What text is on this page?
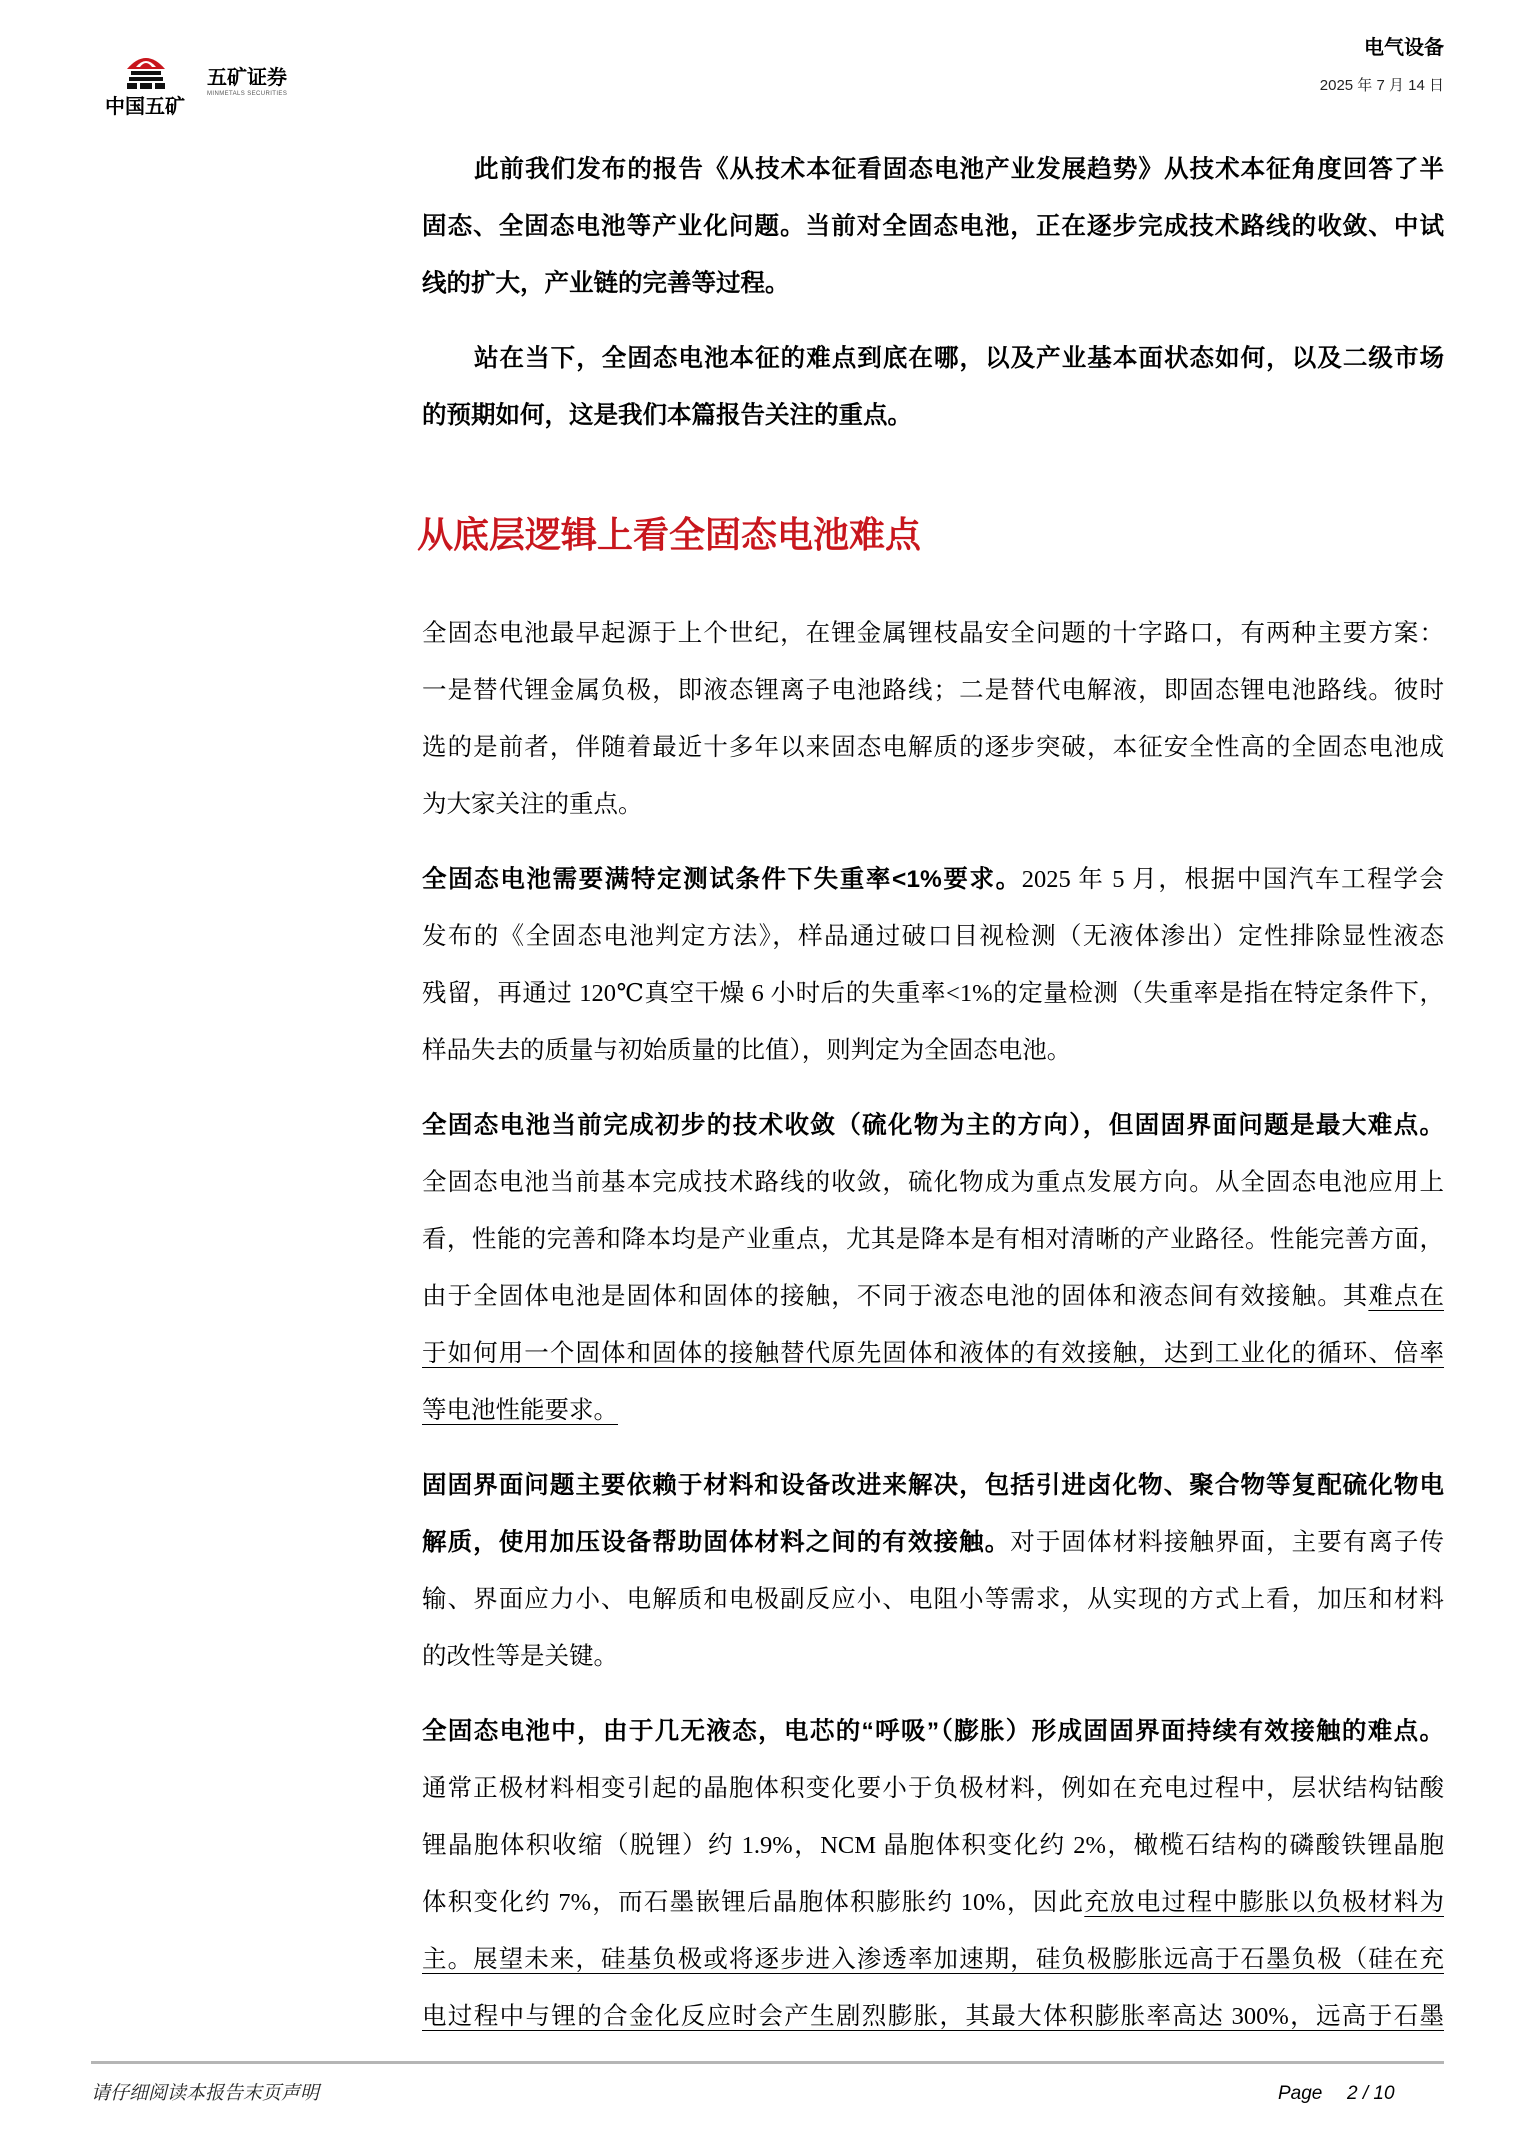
中国五矿
五矿证券
MINMETALS SECURITIES
电气设备
2025 年 7 月 14 日
此前我们发布的报告《从技术本征看固态电池产业发展趋势》从技术本征角度回答了半
固态、全固态电池等产业化问题。当前对全固态电池，正在逐步完成技术路线的收敛、中试
线的扩大，产业链的完善等过程。
站在当下，全固态电池本征的难点到底在哪，以及产业基本面状态如何，以及二级市场
的预期如何，这是我们本篇报告关注的重点。
从底层逻辑上看全固态电池难点
全固态电池最早起源于上个世纪，在锂金属锂枝晶安全问题的十字路口，有两种主要方案：
一是替代锂金属负极，即液态锂离子电池路线；二是替代电解液，即固态锂电池路线。彼时
选的是前者，伴随着最近十多年以来固态电解质的逐步突破，本征安全性高的全固态电池成
为大家关注的重点。
全固态电池需要满特定测试条件下失重率<1%要求。2025 年 5 月，根据中国汽车工程学会
发布的《全固态电池判定方法》，样品通过破口目视检测（无液体渗出）定性排除显性液态
残留，再通过 120℃真空干燥 6 小时后的失重率<1%的定量检测（失重率是指在特定条件下，
样品失去的质量与初始质量的比值），则判定为全固态电池。
全固态电池当前完成初步的技术收敛（硫化物为主的方向），但固固界面问题是最大难点。
全固态电池当前基本完成技术路线的收敛，硫化物成为重点发展方向。从全固态电池应用上
看，性能的完善和降本均是产业重点，尤其是降本是有相对清晰的产业路径。性能完善方面，
由于全固体电池是固体和固体的接触，不同于液态电池的固体和液态间有效接触。其难点在
于如何用一个固体和固体的接触替代原先固体和液体的有效接触，达到工业化的循环、倍率
等电池性能要求。
固固界面问题主要依赖于材料和设备改进来解决，包括引进卤化物、聚合物等复配硫化物电
解质，使用加压设备帮助固体材料之间的有效接触。对于固体材料接触界面，主要有离子传
输、界面应力小、电解质和电极副反应小、电阻小等需求，从实现的方式上看，加压和材料
的改性等是关键。
全固态电池中，由于几无液态，电芯的“呼吸”（膨胀）形成固固界面持续有效接触的难点。
通常正极材料相变引起的晶胞体积变化要小于负极材料，例如在充电过程中，层状结构钴酸
锂晶胞体积收缩（脱锂）约 1.9%，NCM 晶胞体积变化约 2%，橄榄石结构的磷酸铁锂晶胞
体积变化约 7%，而石墨嵌锂后晶胞体积膨胀约 10%，因此充放电过程中膨胀以负极材料为
主。展望未来，硅基负极或将逐步进入渗透率加速期，硅负极膨胀远高于石墨负极（硅在充
电过程中与锂的合金化反应时会产生剧烈膨胀，其最大体积膨胀率高达 300%，远高于石墨
请仔细阅读本报告末页声明	Page 2 / 10
